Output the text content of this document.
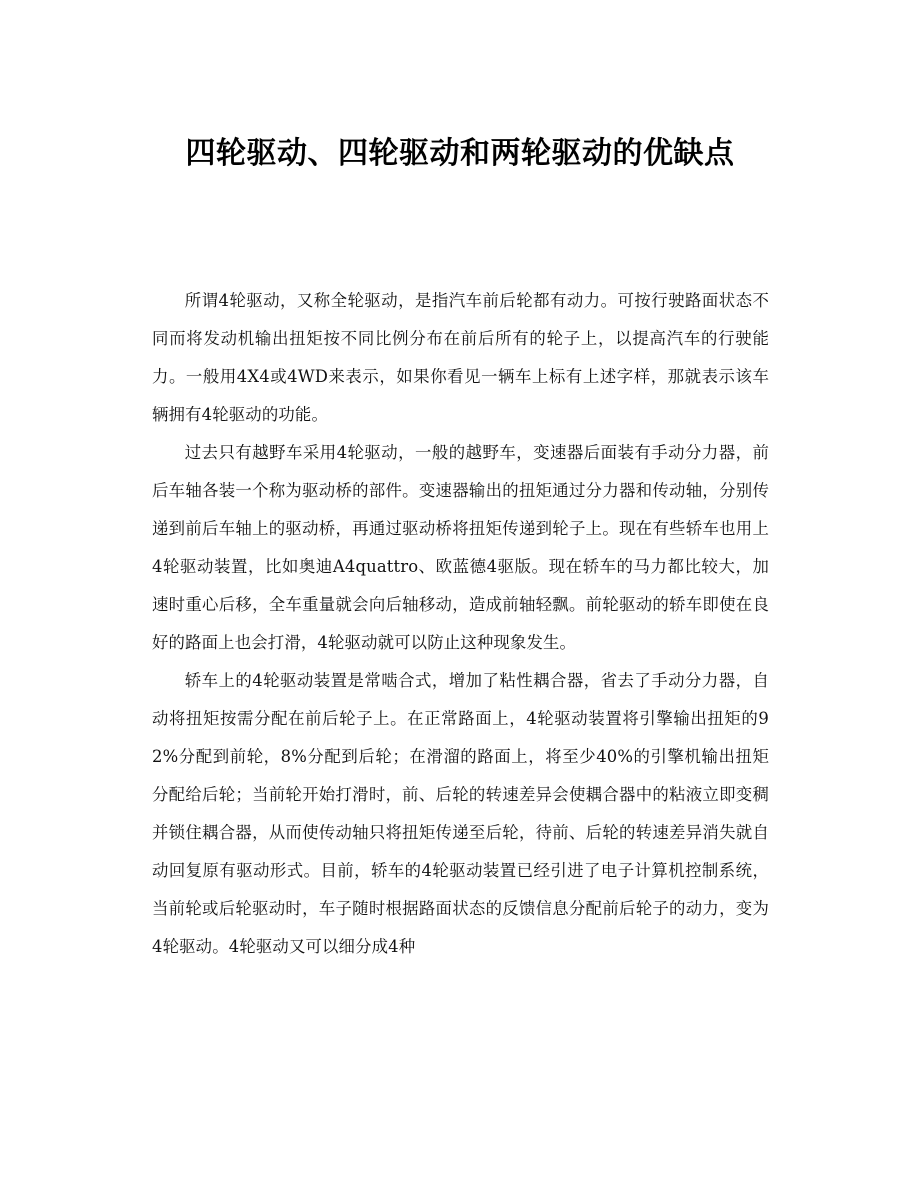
四轮驱动、四轮驱动和两轮驱动的优缺点

所谓4轮驱动，又称全轮驱动，是指汽车前后轮都有动力。可按行驶路面状态不同而将发动机输出扭矩按不同比例分布在前后所有的轮子上，以提高汽车的行驶能力。一般用4X4或4WD来表示，如果你看见一辆车上标有上述字样，那就表示该车辆拥有4轮驱动的功能。

过去只有越野车采用4轮驱动，一般的越野车，变速器后面装有手动分力器，前后车轴各装一个称为驱动桥的部件。变速器输出的扭矩通过分力器和传动轴，分别传递到前后车轴上的驱动桥，再通过驱动桥将扭矩传递到轮子上。现在有些轿车也用上4轮驱动装置，比如奥迪A4quattro、欧蓝德4驱版。现在轿车的马力都比较大，加速时重心后移，全车重量就会向后轴移动，造成前轴轻飘。前轮驱动的轿车即使在良好的路面上也会打滑，4轮驱动就可以防止这种现象发生。

轿车上的4轮驱动装置是常啮合式，增加了粘性耦合器，省去了手动分力器，自动将扭矩按需分配在前后轮子上。在正常路面上，4轮驱动装置将引擎输出扭矩的92%分配到前轮，8%分配到后轮；在滑溜的路面上，将至少40%的引擎机输出扭矩分配给后轮；当前轮开始打滑时，前、后轮的转速差异会使耦合器中的粘液立即变稠并锁住耦合器，从而使传动轴只将扭矩传递至后轮，待前、后轮的转速差异消失就自动回复原有驱动形式。目前，轿车的4轮驱动装置已经引进了电子计算机控制系统，当前轮或后轮驱动时，车子随时根据路面状态的反馈信息分配前后轮子的动力，变为4轮驱动。4轮驱动又可以细分成4种
